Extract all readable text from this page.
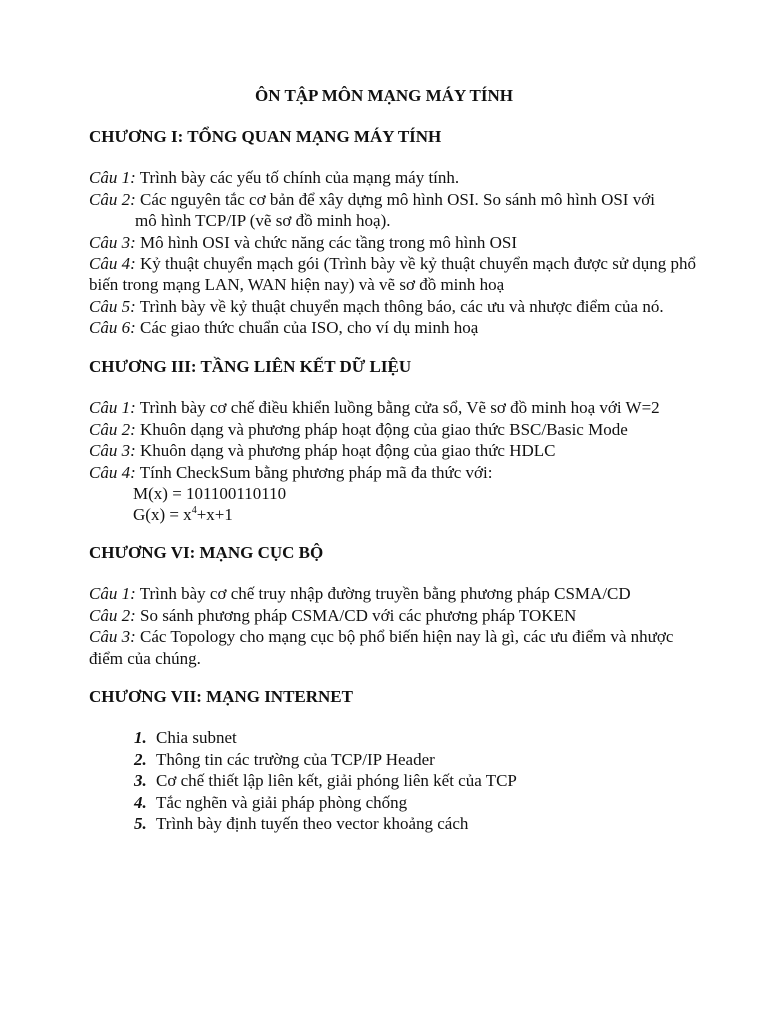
ÔN TẬP MÔN MẠNG MÁY TÍNH
CHƯƠNG I: TỔNG QUAN MẠNG MÁY TÍNH

Câu 1: Trình bày các yếu tố chính của mạng máy tính.

Câu 2: Các nguyên tắc cơ bản để xây dựng mô hình OSI. So sánh mô hình OSI với

mô hình TCP/IP (vẽ sơ đồ minh hoạ).

Câu 3: Mô hình OSI và chức năng các tầng trong mô hình OSI

Câu 4: Kỷ thuật chuyển mạch gói (Trình bày về kỷ thuật chuyển mạch được sử dụng phổ biến trong mạng LAN, WAN hiện nay) và vẽ sơ đồ minh hoạ

Câu 5: Trình bày về kỷ thuật chuyển mạch thông báo, các ưu và nhược điểm của nó.

Câu 6: Các giao thức chuẩn của ISO, cho ví dụ minh hoạ

CHƯƠNG III: TẦNG LIÊN KẾT DỮ LIỆU

Câu 1: Trình bày cơ chế điều khiển luồng bằng cửa sổ, Vẽ sơ đồ minh hoạ với W=2

Câu 2: Khuôn dạng và phương pháp hoạt động của giao thức BSC/Basic Mode

Câu 3: Khuôn dạng và phương pháp hoạt động của giao thức HDLC

Câu 4: Tính CheckSum bằng phương pháp mã đa thức với:

M(x) = 101100110110

$G(x) = x^4+x+1$

CHƯƠNG VI: MẠNG CỤC BỘ

Câu 1: Trình bày cơ chế truy nhập đường truyền bằng phương pháp CSMA/CD

Câu 2: So sánh phương pháp CSMA/CD với các phương pháp TOKEN

Câu 3: Các Topology cho mạng cục bộ phổ biến hiện nay là gì, các ưu điểm và nhược điểm của chúng.

CHƯƠNG VII: MẠNG INTERNET
1. Chia subnet
2. Thông tin các trường của TCP/IP Header
3. Cơ chế thiết lập liên kết, giải phóng liên kết của TCP
4. Tắc nghẽn và giải pháp phòng chống
5. Trình bày định tuyến theo vector khoảng cách
